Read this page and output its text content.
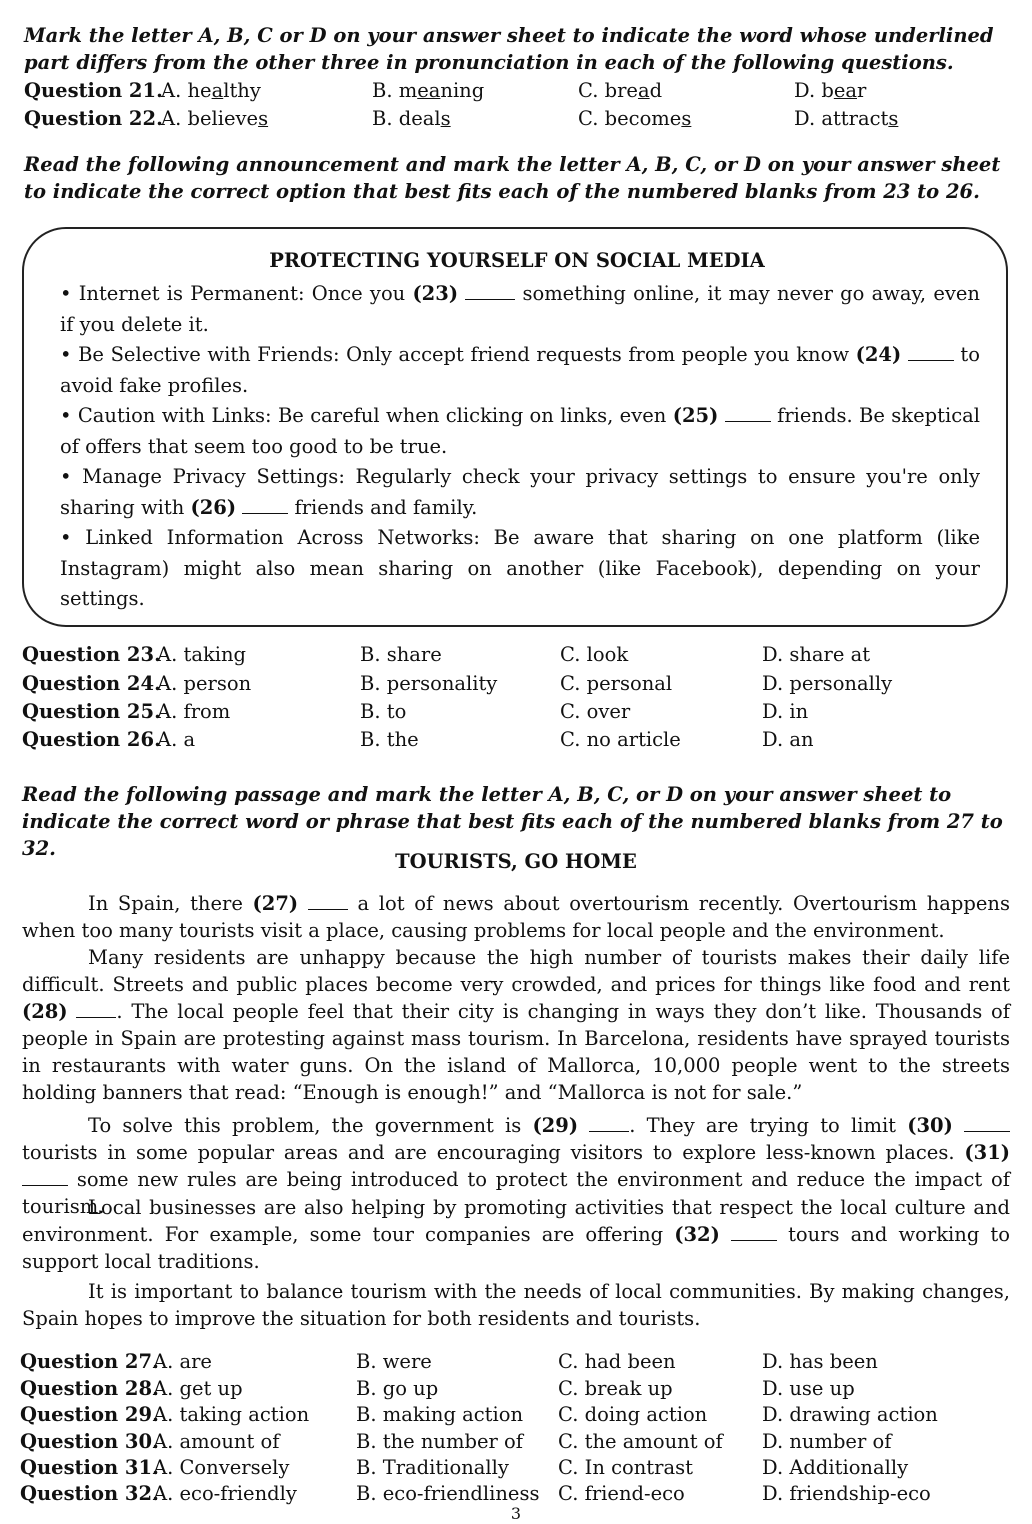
Mark the letter A, B, C or D on your answer sheet to indicate the word whose underlined part differs from the other three in pronunciation in each of the following questions.
Question 21.
A. healthy	B. meaning	C. bread	D. bear
Question 22.
A. believes	B. deals	C. becomes	D. attracts
Read the following announcement and mark the letter A, B, C, or D on your answer sheet to indicate the correct option that best fits each of the numbered blanks from 23 to 26.
PROTECTING YOURSELF ON SOCIAL MEDIA
• Internet is Permanent: Once you (23)	something online, it may never go away, even if you delete it.
• Be Selective with Friends: Only accept friend requests from people you know (24)	to avoid fake profiles.
• Caution with Links: Be careful when clicking on links, even (25)	friends. Be skeptical of offers that seem too good to be true.
• Manage Privacy Settings: Regularly check your privacy settings to ensure you're only sharing with (26)	friends and family.
• Linked Information Across Networks: Be aware that sharing on one platform (like Instagram) might also mean sharing on another (like Facebook), depending on your settings.
Question 23.
A. taking	B. share	C. look	D. share at
Question 24.
A. person	B. personality	C. personal	D. personally
Question 25.
A. from	B. to	C. over	D. in
Question 26.
A. a	B. the	C. no article	D. an
Read the following passage and mark the letter A, B, C, or D on your answer sheet to indicate the correct word or phrase that best fits each of the numbered blanks from 27 to 32.
TOURISTS, GO HOME
In Spain, there (27)	a lot of news about overtourism recently. Overtourism happens when too many tourists visit a place, causing problems for local people and the environment.
Many residents are unhappy because the high number of tourists makes their daily life difficult. Streets and public places become very crowded, and prices for things like food and rent (28)	. The local people feel that their city is changing in ways they don’t like. Thousands of people in Spain are protesting against mass tourism. In Barcelona, residents have sprayed tourists in restaurants with water guns. On the island of Mallorca, 10,000 people went to the streets holding banners that read: “Enough is enough!” and “Mallorca is not for sale.”
To solve this problem, the government is (29)	. They are trying to limit (30)  tourists in some popular areas and are encouraging visitors to explore less-known places. (31)  some new rules are being introduced to protect the environment and reduce the impact of tourism.
Local businesses are also helping by promoting activities that respect the local culture and environment. For example, some tour companies are offering (32)	tours and working to support local traditions.
It is important to balance tourism with the needs of local communities. By making changes, Spain hopes to improve the situation for both residents and tourists.
Question 27.
A. are	B. were	C. had been	D. has been
Question 28.
A. get up	B. go up	C. break up	D. use up
Question 29.
A. taking action B. making action C. doing action	D. drawing action
Question 30.
A. amount of	B. the number of C. the amount of D. number of
Question 31.
A. Conversely	B. Traditionally	C. In contrast	D. Additionally
Question 32.
A. eco-friendly	B. eco-friendliness C. friend-eco	D. friendship-eco
3
